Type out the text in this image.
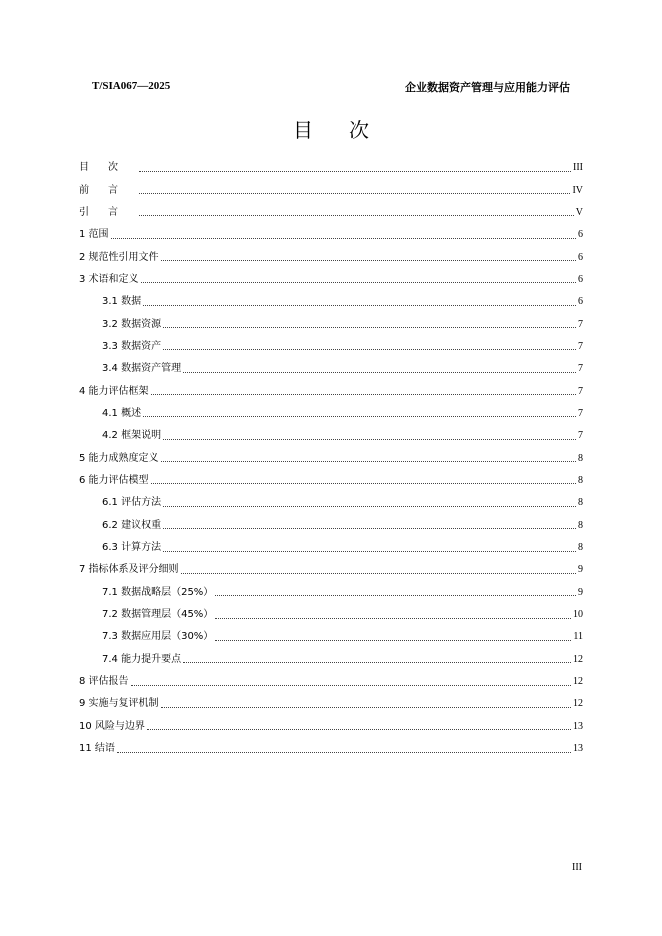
T/SIA067—2025	企业数据资产管理与应用能力评估
目次
目次	III
前言	IV
引言	V
1 范围	6
2 规范性引用文件	6
3 术语和定义	6
3.1 数据	6
3.2 数据资源	7
3.3 数据资产	7
3.4 数据资产管理	7
4 能力评估框架	7
4.1 概述	7
4.2 框架说明	7
5 能力成熟度定义	8
6 能力评估模型	8
6.1 评估方法	8
6.2 建议权重	8
6.3 计算方法	8
7 指标体系及评分细则	9
7.1 数据战略层（25%）	9
7.2 数据管理层（45%）	10
7.3 数据应用层（30%）	11
7.4 能力提升要点	12
8 评估报告	12
9 实施与复评机制	12
10 风险与边界	13
11 结语	13
III
